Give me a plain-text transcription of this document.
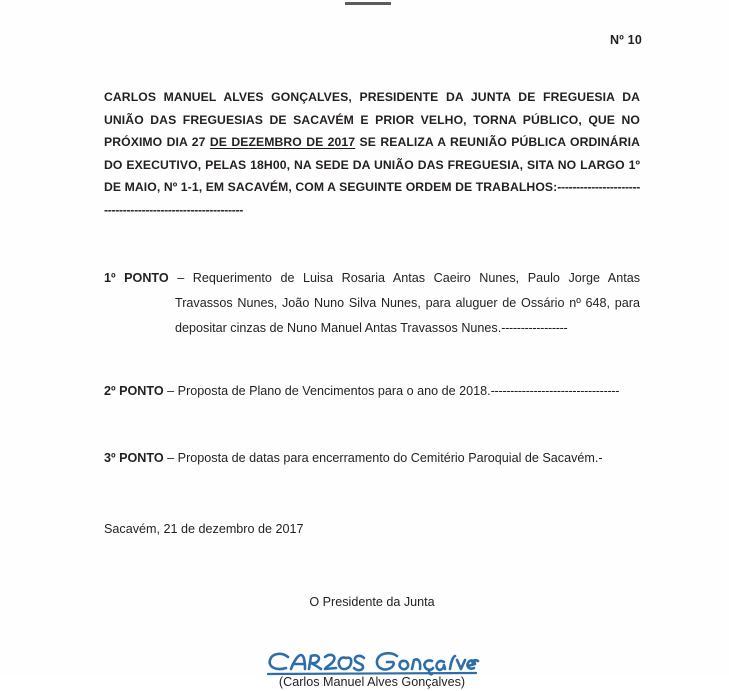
Nº 10
CARLOS MANUEL ALVES GONÇALVES, PRESIDENTE DA JUNTA DE FREGUESIA DA UNIÃO DAS FREGUESIAS DE SACAVÉM E PRIOR VELHO, TORNA PÚBLICO, QUE NO PRÓXIMO DIA 27 DE DEZEMBRO DE 2017 SE REALIZA A REUNIÃO PÚBLICA ORDINÁRIA DO EXECUTIVO, PELAS 18H00, NA SEDE DA UNIÃO DAS FREGUESIA, SITA NO LARGO 1º DE MAIO, Nº 1-1, EM SACAVÉM, COM A SEGUINTE ORDEM DE TRABALHOS:-----------------------------------------------------------
1º PONTO – Requerimento de Luisa Rosaria Antas Caeiro Nunes, Paulo Jorge Antas Travassos Nunes, João Nuno Silva Nunes, para aluguer de Ossário nº 648, para depositar cinzas de Nuno Manuel Antas Travassos Nunes.-----------------
2º PONTO – Proposta de Plano de Vencimentos para o ano de 2018.---------------------------------
3º PONTO – Proposta de datas para encerramento do Cemitério Paroquial de Sacavém.-
Sacavém, 21 de dezembro de 2017
O Presidente da Junta
(Carlos Manuel Alves Gonçalves)
